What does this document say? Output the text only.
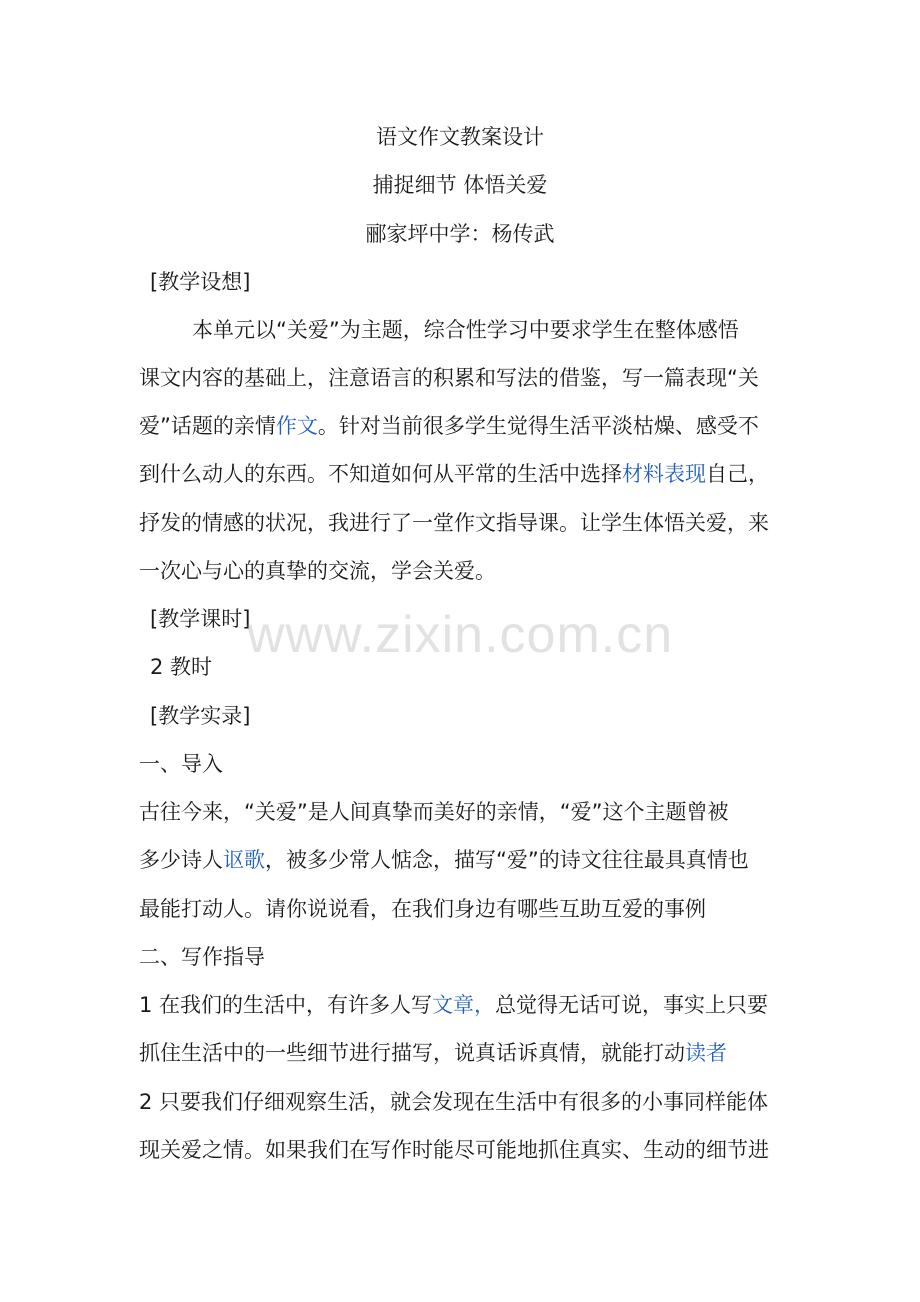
语文作文教案设计
捕捉细节 体悟关爱
郦家坪中学：杨传武
[教学设想]
本单元以“关爱”为主题，综合性学习中要求学生在整体感悟
课文内容的基础上，注意语言的积累和写法的借鉴，写一篇表现“关
爱”话题的亲情作文。针对当前很多学生觉得生活平淡枯燥、感受不
到什么动人的东西。不知道如何从平常的生活中选择材料表现自己，
抒发的情感的状况，我进行了一堂作文指导课。让学生体悟关爱，来
一次心与心的真挚的交流，学会关爱。
[教学课时]
2 教时
[教学实录]
一、导入
古往今来，“关爱”是人间真挚而美好的亲情，“爱”这个主题曾被
多少诗人讴歌，被多少常人惦念，描写“爱”的诗文往往最具真情也
最能打动人。请你说说看，在我们身边有哪些互助互爱的事例
二、写作指导
1 在我们的生活中，有许多人写文章，总觉得无话可说，事实上只要
抓住生活中的一些细节进行描写，说真话诉真情，就能打动读者
2 只要我们仔细观察生活，就会发现在生活中有很多的小事同样能体
现关爱之情。如果我们在写作时能尽可能地抓住真实、生动的细节进
www.zixin.com.cn
